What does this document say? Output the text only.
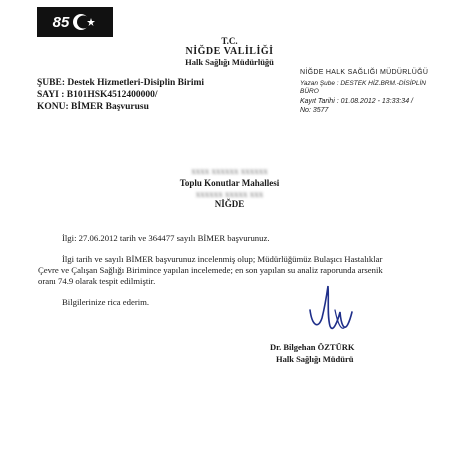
85
T.C.
NİĞDE VALİLİĞİ
Halk Sağlığı Müdürlüğü
ŞUBE: Destek Hizmetleri-Disiplin Birimi
SAYI : B101HSK4512400000/
KONU: BİMER Başvurusu
NİĞDE HALK SAĞLIĞI MÜDÜRLÜĞÜ
Yazan Şube : DESTEK HİZ.BRM.-DİSİPLİN
BÜRO
Kayıt Tarihi : 01.08.2012 - 13:33:34 /
No: 3577
xxxx xxxxxx xxxxxx
Toplu Konutlar Mahallesi
xxxxxx xxxxx xxx
NİĞDE
İlgi: 27.06.2012 tarih ve 364477 sayılı BİMER başvurunuz.
İlgi tarih ve sayılı BİMER başvurunuz incelenmiş olup; Müdürlüğümüz Bulaşıcı Hastalıklar
Çevre ve Çalışan Sağlığı Birimince yapılan incelemede; en son yapılan su analiz raporunda arsenik
oranı 74.9 olarak tespit edilmiştir.
Bilgilerinize rica ederim.
Dr. Bilgehan ÖZTÜRK
Halk Sağlığı Müdürü
